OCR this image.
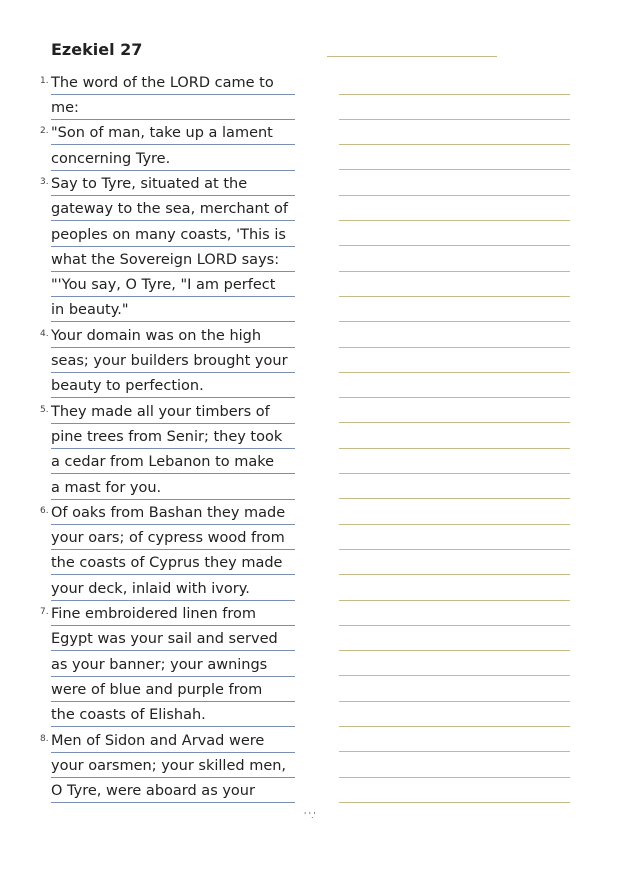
Ezekiel 27
1. The word of the LORD came to
me:
2. "Son of man, take up a lament
concerning Tyre.
3. Say to Tyre, situated at the
gateway to the sea, merchant of
peoples on many coasts, 'This is
what the Sovereign LORD says:
"'You say, O Tyre, "I am perfect
in beauty."
4. Your domain was on the high
seas; your builders brought your
beauty to perfection.
5. They made all your timbers of
pine trees from Senir; they took
a cedar from Lebanon to make
a mast for you.
6. Of oaks from Bashan they made
your oars; of cypress wood from
the coasts of Cyprus they made
your deck, inlaid with ivory.
7. Fine embroidered linen from
Egypt was your sail and served
as your banner; your awnings
were of blue and purple from
the coasts of Elishah.
8. Men of Sidon and Arvad were
your oarsmen; your skilled men,
O Tyre, were aboard as your
' '.'
